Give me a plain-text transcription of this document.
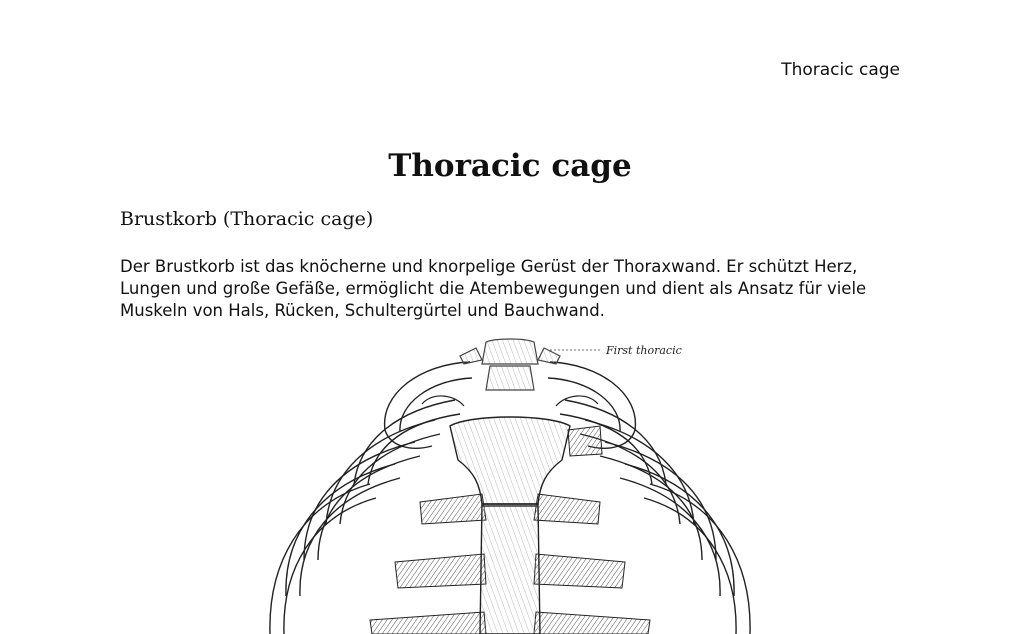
Thoracic cage
Thoracic cage
Brustkorb (Thoracic cage)
Der Brustkorb ist das knöcherne und knorpelige Gerüst der Thoraxwand. Er schützt Herz, Lungen und große Gefäße, ermöglicht die Atembewegungen und dient als Ansatz für viele Muskeln von Hals, Rücken, Schultergürtel und Bauchwand.
First thoracic
